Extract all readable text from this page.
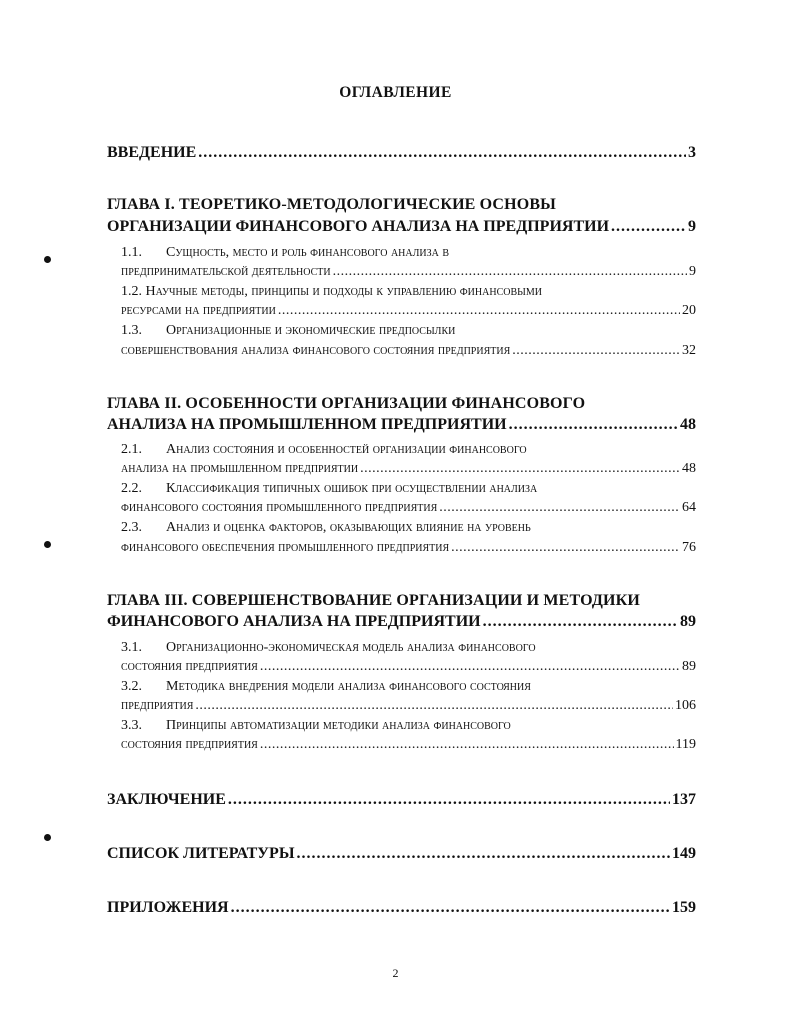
ОГЛАВЛЕНИЕ
ВВЕДЕНИЕ .....	3
ГЛАВА I. ТЕОРЕТИКО-МЕТОДОЛОГИЧЕСКИЕ ОСНОВЫ
ОРГАНИЗАЦИИ ФИНАНСОВОГО АНАЛИЗА НА ПРЕДПРИЯТИИ .....	9
1.1. Сущность, место и роль финансового анализа в
предпринимательской деятельности .....	9
1.2. Научные методы, принципы и подходы к управлению финансовыми
ресурсами на предприятии .....	20
1.3. Организационные и экономические предпосылки
совершенствования анализа финансового состояния предприятия .....	32
ГЛАВА II. ОСОБЕННОСТИ ОРГАНИЗАЦИИ ФИНАНСОВОГО
АНАЛИЗА НА ПРОМЫШЛЕННОМ ПРЕДПРИЯТИИ .....	48
2.1. Анализ состояния и особенностей организации финансового
анализа на промышленном предприятии .....	48
2.2. Классификация типичных ошибок при осуществлении анализа
финансового состояния промышленного предприятия .....	64
2.3. Анализ и оценка факторов, оказывающих влияние на уровень
финансового обеспечения промышленного предприятия .....	76
ГЛАВА III. СОВЕРШЕНСТВОВАНИЕ ОРГАНИЗАЦИИ И МЕТОДИКИ
ФИНАНСОВОГО АНАЛИЗА НА ПРЕДПРИЯТИИ .....	89
3.1. Организационно-экономическая модель анализа финансового
состояния предприятия .....	89
3.2. Методика внедрения модели анализа финансового состояния
предприятия .....	106
3.3. Принципы автоматизации методики анализа финансового
состояния предприятия .....	119
ЗАКЛЮЧЕНИЕ .....	137
СПИСОК ЛИТЕРАТУРЫ .....	149
ПРИЛОЖЕНИЯ .....	159
2
